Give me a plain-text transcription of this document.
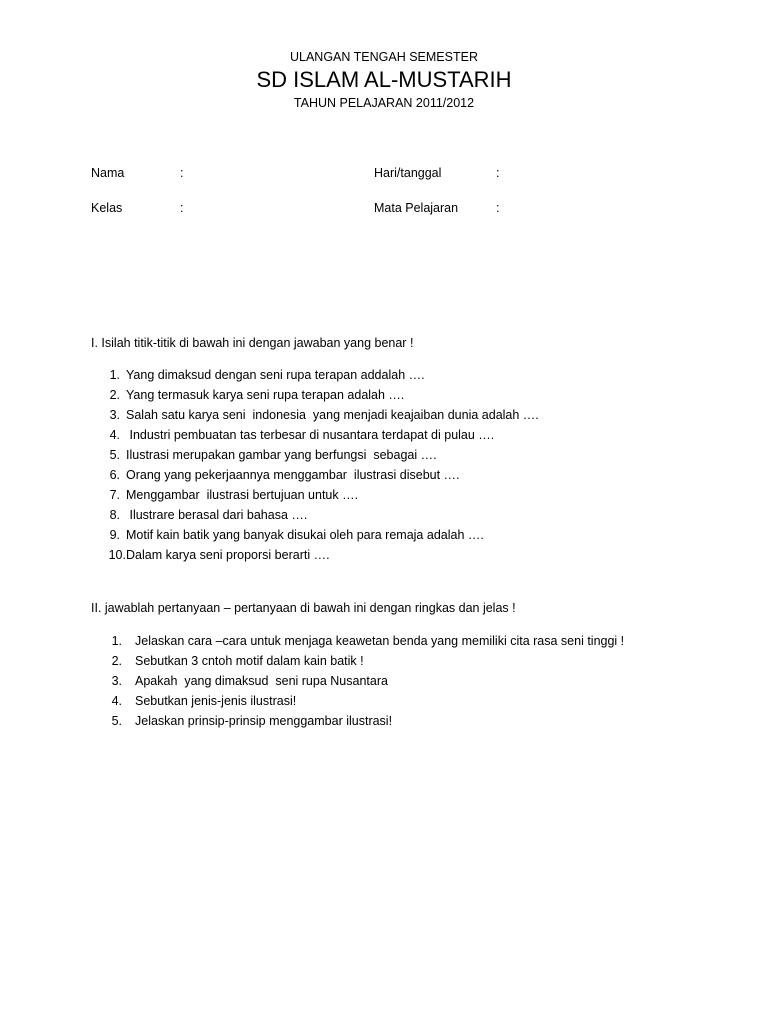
ULANGAN TENGAH SEMESTER
SD ISLAM AL-MUSTARIH
TAHUN PELAJARAN 2011/2012
Nama	:	Hari/tanggal	:
Kelas	:	Mata Pelajaran	:
I. Isilah titik-titik di bawah ini dengan jawaban yang benar !
1. Yang dimaksud dengan seni rupa terapan addalah ….
2. Yang termasuk karya seni rupa terapan adalah ….
3. Salah satu karya seni  indonesia  yang menjadi keajaiban dunia adalah ….
4. Industri pembuatan tas terbesar di nusantara terdapat di pulau ….
5. Ilustrasi merupakan gambar yang berfungsi  sebagai ….
6. Orang yang pekerjaannya menggambar  ilustrasi disebut ….
7. Menggambar  ilustrasi bertujuan untuk ….
8. Ilustrare berasal dari bahasa ….
9. Motif kain batik yang banyak disukai oleh para remaja adalah ….
10. Dalam karya seni proporsi berarti ….
II. jawablah pertanyaan – pertanyaan di bawah ini dengan ringkas dan jelas !
1. Jelaskan cara –cara untuk menjaga keawetan benda yang memiliki cita rasa seni tinggi !
2. Sebutkan 3 cntoh motif dalam kain batik !
3. Apakah  yang dimaksud  seni rupa Nusantara
4. Sebutkan jenis-jenis ilustrasi!
5. Jelaskan prinsip-prinsip menggambar ilustrasi!
